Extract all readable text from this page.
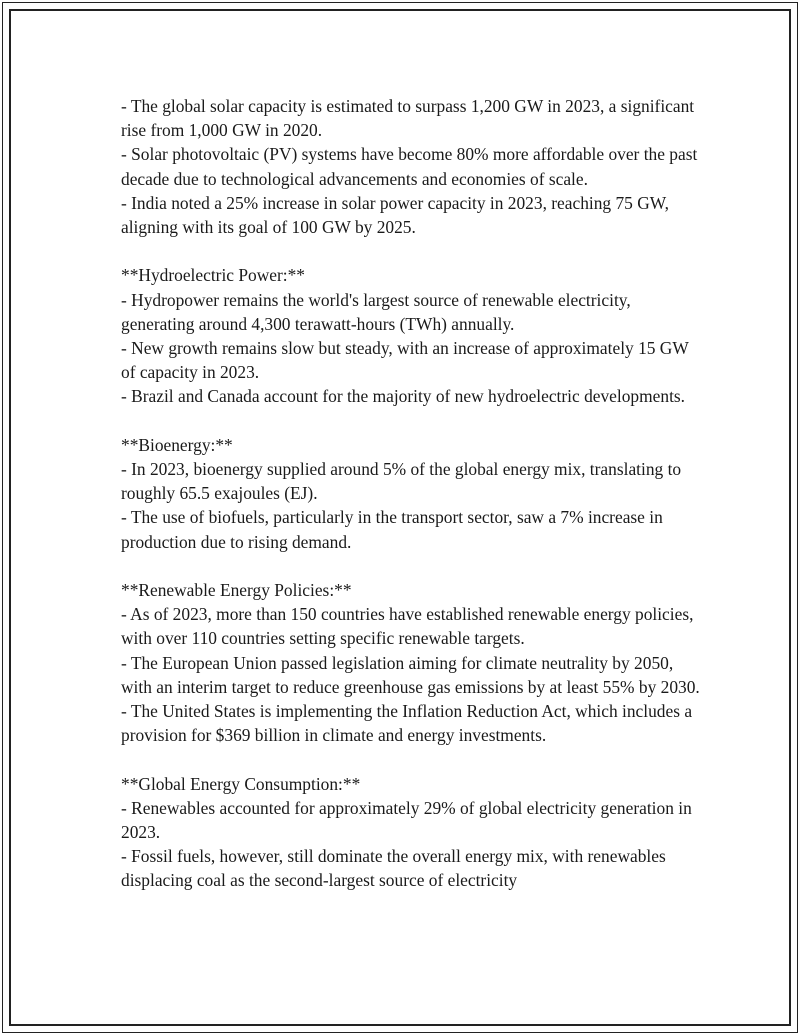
- The global solar capacity is estimated to surpass 1,200 GW in 2023, a significant rise from 1,000 GW in 2020.

- Solar photovoltaic (PV) systems have become 80% more affordable over the past decade due to technological advancements and economies of scale.

- India noted a 25% increase in solar power capacity in 2023, reaching 75 GW, aligning with its goal of 100 GW by 2025.

**Hydroelectric Power:**

- Hydropower remains the world's largest source of renewable electricity, generating around 4,300 terawatt-hours (TWh) annually.

- New growth remains slow but steady, with an increase of approximately 15 GW of capacity in 2023.

- Brazil and Canada account for the majority of new hydroelectric developments.

**Bioenergy:**

- In 2023, bioenergy supplied around 5% of the global energy mix, translating to roughly 65.5 exajoules (EJ).

- The use of biofuels, particularly in the transport sector, saw a 7% increase in production due to rising demand.

**Renewable Energy Policies:**

- As of 2023, more than 150 countries have established renewable energy policies, with over 110 countries setting specific renewable targets.

- The European Union passed legislation aiming for climate neutrality by 2050, with an interim target to reduce greenhouse gas emissions by at least 55% by 2030.

- The United States is implementing the Inflation Reduction Act, which includes a provision for $369 billion in climate and energy investments.

**Global Energy Consumption:**

- Renewables accounted for approximately 29% of global electricity generation in 2023.

- Fossil fuels, however, still dominate the overall energy mix, with renewables displacing coal as the second-largest source of electricity
